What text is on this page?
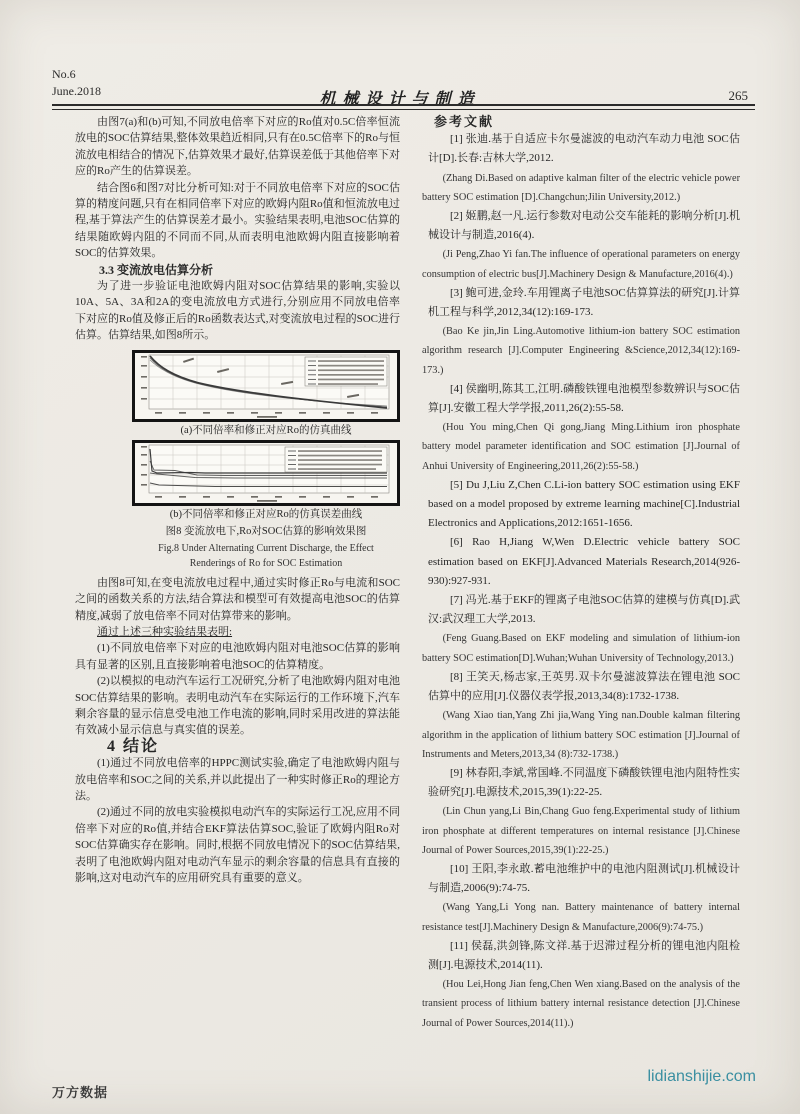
No.6
June.2018	机械设计与制造	265

由图7(a)和(b)可知,不同放电倍率下对应的Ro值对0.5C倍率恒流放电的SOC估算结果,整体效果趋近相同,只有在0.5C倍率下的Ro与恒流放电相结合的情况下,估算效果才最好,估算误差低于其他倍率下对应的Ro产生的估算误差。

结合图6和图7对比分析可知:对于不同放电倍率下对应的SOC估算的精度问题,只有在相同倍率下对应的欧姆内阻Ro值和恒流放电过程,基于算法产生的估算误差才最小。实验结果表明,电池SOC估算的结果随欧姆内阻的不同而不同,从而表明电池欧姆内阻直接影响着SOC的估算效果。

3.3 变流放电估算分析

为了进一步验证电池欧姆内阻对SOC估算结果的影响,实验以10A、5A、3A和2A的变电流放电方式进行,分别应用不同放电倍率下对应的Ro值及修正后的Ro函数表达式,对变流放电过程的SOC进行估算。估算结果,如图8所示。

(a)不同倍率和修正对应Ro的仿真曲线
(b)不同倍率和修正对应Ro的仿真误差曲线
图8 变流放电下,Ro对SOC估算的影响效果图
Fig.8 Under Alternating Current Discharge, the Effect
Renderings of Ro for SOC Estimation

由图8可知,在变电流放电过程中,通过实时修正Ro与电流和SOC之间的函数关系的方法,结合算法和模型可有效提高电池SOC的估算精度,减弱了放电倍率不同对估算带来的影响。

通过上述三种实验结果表明:

(1)不同放电倍率下对应的电池欧姆内阻对电池SOC估算的影响具有显著的区别,且直接影响着电池SOC的估算精度。

(2)以模拟的电动汽车运行工况研究,分析了电池欧姆内阻对电池SOC估算结果的影响。表明电动汽车在实际运行的工作环境下,汽车剩余容量的显示信息受电池工作电流的影响,同时采用改进的算法能有效减小显示信息与真实值的误差。

4 结论

(1)通过不同放电倍率的HPPC测试实验,确定了电池欧姆内阻与放电倍率和SOC之间的关系,并以此提出了一种实时修正Ro的理论方法。

(2)通过不同的放电实验模拟电动汽车的实际运行工况,应用不同倍率下对应的Ro值,并结合EKF算法估算SOC,验证了欧姆内阻Ro对SOC估算确实存在影响。同时,根据不同放电情况下的SOC估算结果,表明了电池欧姆内阻对电动汽车显示的剩余容量的信息具有直接的影响,这对电动汽车的应用研究具有重要的意义。

参考文献

[1] 张迪.基于自适应卡尔曼滤波的电动汽车动力电池 SOC估计[D].长春:吉林大学,2012.

(Zhang Di.Based on adaptive kalman filter of the electric vehicle power battery SOC estimation [D].Changchun;Jilin University,2012.)

[2] 姬鹏,赵一凡.运行参数对电动公交车能耗的影响分析[J].机械设计与制造,2016(4).

(Ji Peng,Zhao Yi fan.The influence of operational parameters on energy consumption of electric bus[J].Machinery Design & Manufacture,2016(4).)

[3] 鲍可进,金玲.车用锂离子电池SOC估算算法的研究[J].计算机工程与科学,2012,34(12):169-173.

(Bao Ke jin,Jin Ling.Automotive lithium-ion battery SOC estimation algorithm research [J].Computer Engineering &Science,2012,34(12):169-173.)

[4] 侯幽明,陈其工,江明.磷酸铁锂电池模型参数辨识与SOC估算[J].安徽工程大学学报,2011,26(2):55-58.

(Hou You ming,Chen Qi gong,Jiang Ming.Lithium iron phosphate battery model parameter identification and SOC estimation [J].Journal of Anhui University of Engineering,2011,26(2):55-58.)

[5] Du J,Liu Z,Chen C.Li-ion battery SOC estimation using EKF based on a model proposed by extreme learning machine[C].Industrial Electronics and Applications,2012:1651-1656.

[6] Rao H,Jiang W,Wen D.Electric vehicle battery SOC estimation based on EKF[J].Advanced Materials Research,2014(926-930):927-931.

[7] 冯光.基于EKF的锂离子电池SOC估算的建模与仿真[D].武汉:武汉理工大学,2013.

(Feng Guang.Based on EKF modeling and simulation of lithium-ion battery SOC estimation[D].Wuhan;Wuhan University of Technology,2013.)

[8] 王笑天,杨志家,王英男.双卡尔曼滤波算法在锂电池 SOC 估算中的应用[J].仪器仪表学报,2013,34(8):1732-1738.

(Wang Xiao tian,Yang Zhi jia,Wang Ying nan.Double kalman filtering algorithm in the application of lithium battery SOC estimation [J].Journal of Instruments and Meters,2013,34 (8):732-1738.)

[9] 林春阳,李斌,常国峰.不同温度下磷酸铁锂电池内阻特性实验研究[J].电源技术,2015,39(1):22-25.

(Lin Chun yang,Li Bin,Chang Guo feng.Experimental study of lithium iron phosphate at different temperatures on internal resistance [J].Chinese Journal of Power Sources,2015,39(1):22-25.)

[10] 王阳,李永敢.蓄电池维护中的电池内阻测试[J].机械设计与制造,2006(9):74-75.

(Wang Yang,Li Yong nan. Battery maintenance of battery internal resistance test[J].Machinery Design & Manufacture,2006(9):74-75.)

[11] 侯磊,洪剑锋,陈文祥.基于迟滞过程分析的锂电池内阻检测[J].电源技术,2014(11).

(Hou Lei,Hong Jian feng,Chen Wen xiang.Based on the analysis of the transient process of lithium battery internal resistance detection [J].Chinese Journal of Power Sources,2014(11).)

万方数据
lidianshijie.com
